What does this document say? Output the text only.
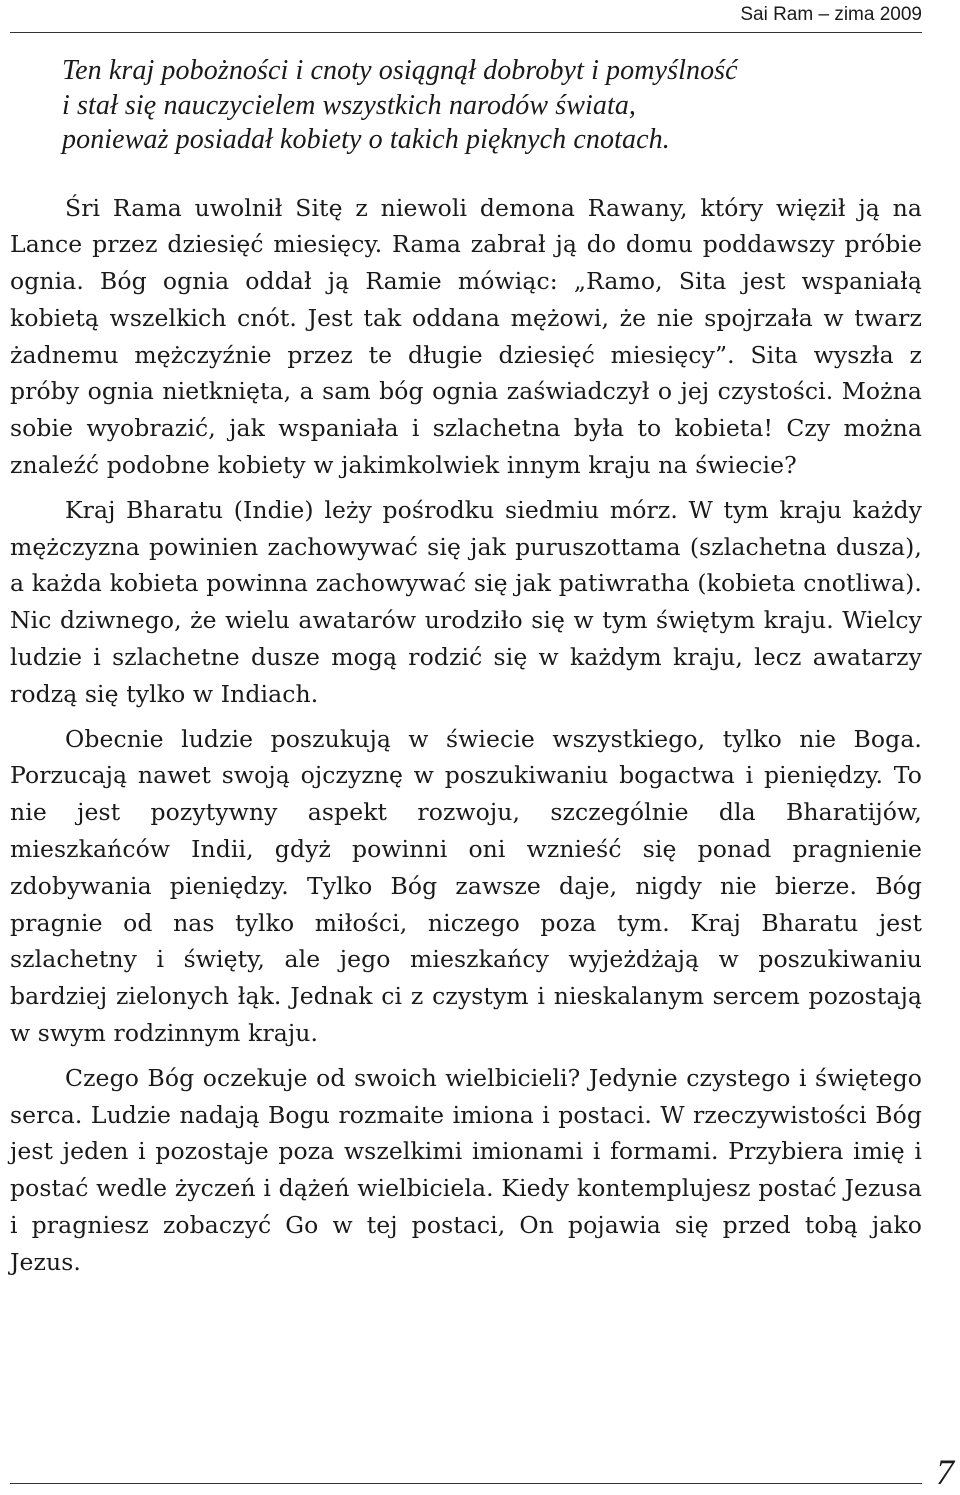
Sai Ram – zima 2009

Ten kraj pobożności i cnoty osiągnął dobrobyt i pomyślność
i stał się nauczycielem wszystkich narodów świata,
ponieważ posiadał kobiety o takich pięknych cnotach.

Śri Rama uwolnił Sitę z niewoli demona Rawany, który więził ją na Lance przez dziesięć miesięcy. Rama zabrał ją do domu poddawszy próbie ognia. Bóg ognia oddał ją Ramie mówiąc: „Ramo, Sita jest wspaniałą kobietą wszelkich cnót. Jest tak oddana mężowi, że nie spojrzała w twarz żadnemu mężczyźnie przez te długie dziesięć miesięcy”. Sita wyszła z próby ognia nietknięta, a sam bóg ognia zaświadczył o jej czystości. Można sobie wyobrazić, jak wspaniała i szlachetna była to kobieta! Czy można znaleźć podobne kobiety w jakimkolwiek innym kraju na świecie?

Kraj Bharatu (Indie) leży pośrodku siedmiu mórz. W tym kraju każdy mężczyzna powinien zachowywać się jak puruszottama (szlachetna dusza), a każda kobieta powinna zachowywać się jak patiwratha (kobieta cnotliwa). Nic dziwnego, że wielu awatarów urodziło się w tym świętym kraju. Wielcy ludzie i szlachetne dusze mogą rodzić się w każdym kraju, lecz awatarzy rodzą się tylko w Indiach.

Obecnie ludzie poszukują w świecie wszystkiego, tylko nie Boga. Porzucają nawet swoją ojczyznę w poszukiwaniu bogactwa i pieniędzy. To nie jest pozytywny aspekt rozwoju, szczególnie dla Bharatijów, mieszkańców Indii, gdyż powinni oni wznieść się ponad pragnienie zdobywania pieniędzy. Tylko Bóg zawsze daje, nigdy nie bierze. Bóg pragnie od nas tylko miłości, niczego poza tym. Kraj Bharatu jest szlachetny i święty, ale jego mieszkańcy wyjeżdżają w poszukiwaniu bardziej zielonych łąk. Jednak ci z czystym i nieskalanym sercem pozostają w swym rodzinnym kraju.

Czego Bóg oczekuje od swoich wielbicieli? Jedynie czystego i świętego serca. Ludzie nadają Bogu rozmaite imiona i postaci. W rzeczywistości Bóg jest jeden i pozostaje poza wszelkimi imionami i formami. Przybiera imię i postać wedle życzeń i dążeń wielbiciela. Kiedy kontemplujesz postać Jezusa i pragniesz zobaczyć Go w tej postaci, On pojawia się przed tobą jako Jezus.

7
